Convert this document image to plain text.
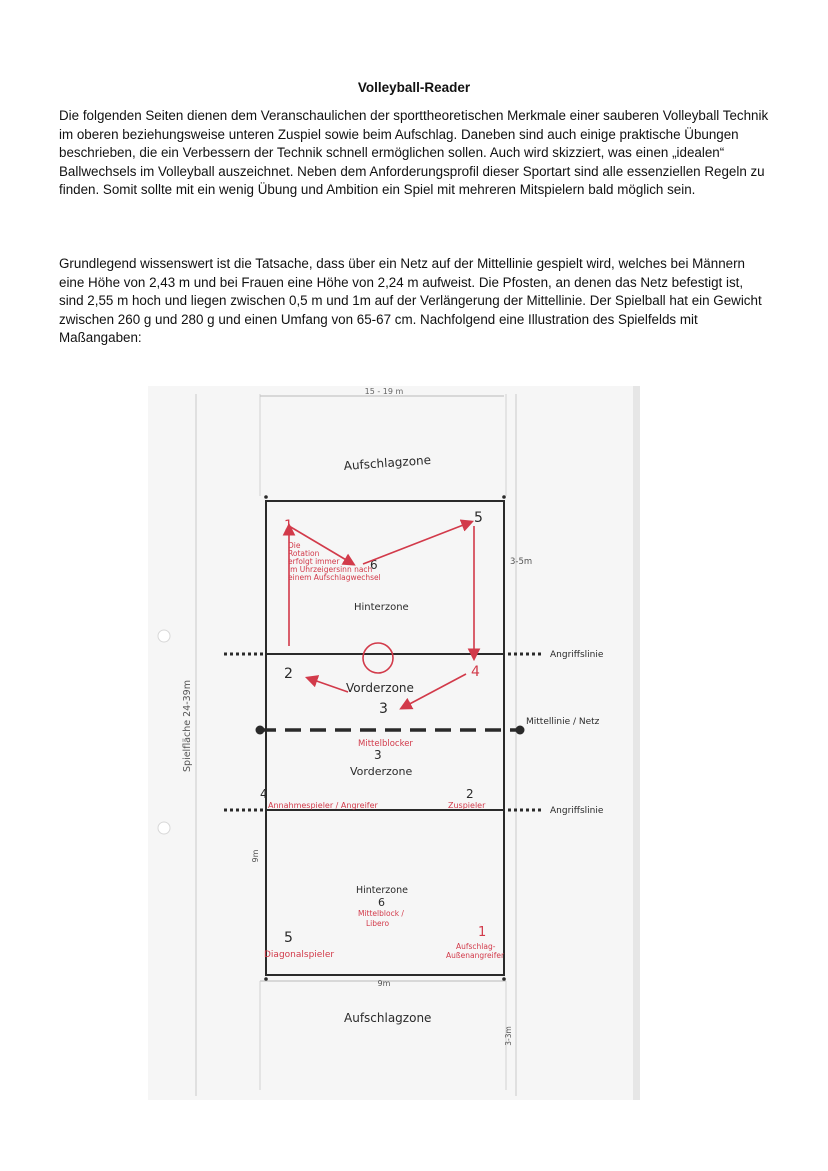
Volleyball-Reader

Die folgenden Seiten dienen dem Veranschaulichen der sporttheoretischen Merkmale einer sauberen Volleyball Technik im oberen beziehungsweise unteren Zuspiel sowie beim Aufschlag. Daneben sind auch einige praktische Übungen beschrieben, die ein Verbessern der Technik schnell ermöglichen sollen. Auch wird skizziert, was einen „idealen“ Ballwechsels im Volleyball auszeichnet. Neben dem Anforderungsprofil dieser Sportart sind alle essenziellen Regeln zu finden. Somit sollte mit ein wenig Übung und Ambition ein Spiel mit mehreren Mitspielern bald möglich sein.

Grundlegend wissenswert ist die Tatsache, dass über ein Netz auf der Mittellinie gespielt wird, welches bei Männern eine Höhe von 2,43 m und bei Frauen eine Höhe von 2,24 m aufweist. Die Pfosten, an denen das Netz befestigt ist, sind 2,55 m hoch und liegen zwischen 0,5 m und 1m auf der Verlängerung der Mittellinie. Der Spielball hat ein Gewicht zwischen 260 g und 280 g und einen Umfang von 65-67 cm. Nachfolgend eine Illustration des Spielfelds mit Maßangaben:

15 - 19 m
Aufschlagzone
3-5m
Spielfläche 24-39m
9m
9m
3-3m
Aufschlagzone
Angriffslinie
Angriffslinie
Mittellinie / Netz
Die
Rotation
erfolgt immer
im Uhrzeigersinn nach
einem Aufschlagwechsel
1	5
6
2	4
3
Hinterzone
Vorderzone
Mittelblocker
3
Vorderzone
4
Annahmespieler / Angreifer
2
Zuspieler
Hinterzone
6
Mittelblock /
Libero
5
Diagonalspieler
1
Aufschlag-
Außenangreifer
